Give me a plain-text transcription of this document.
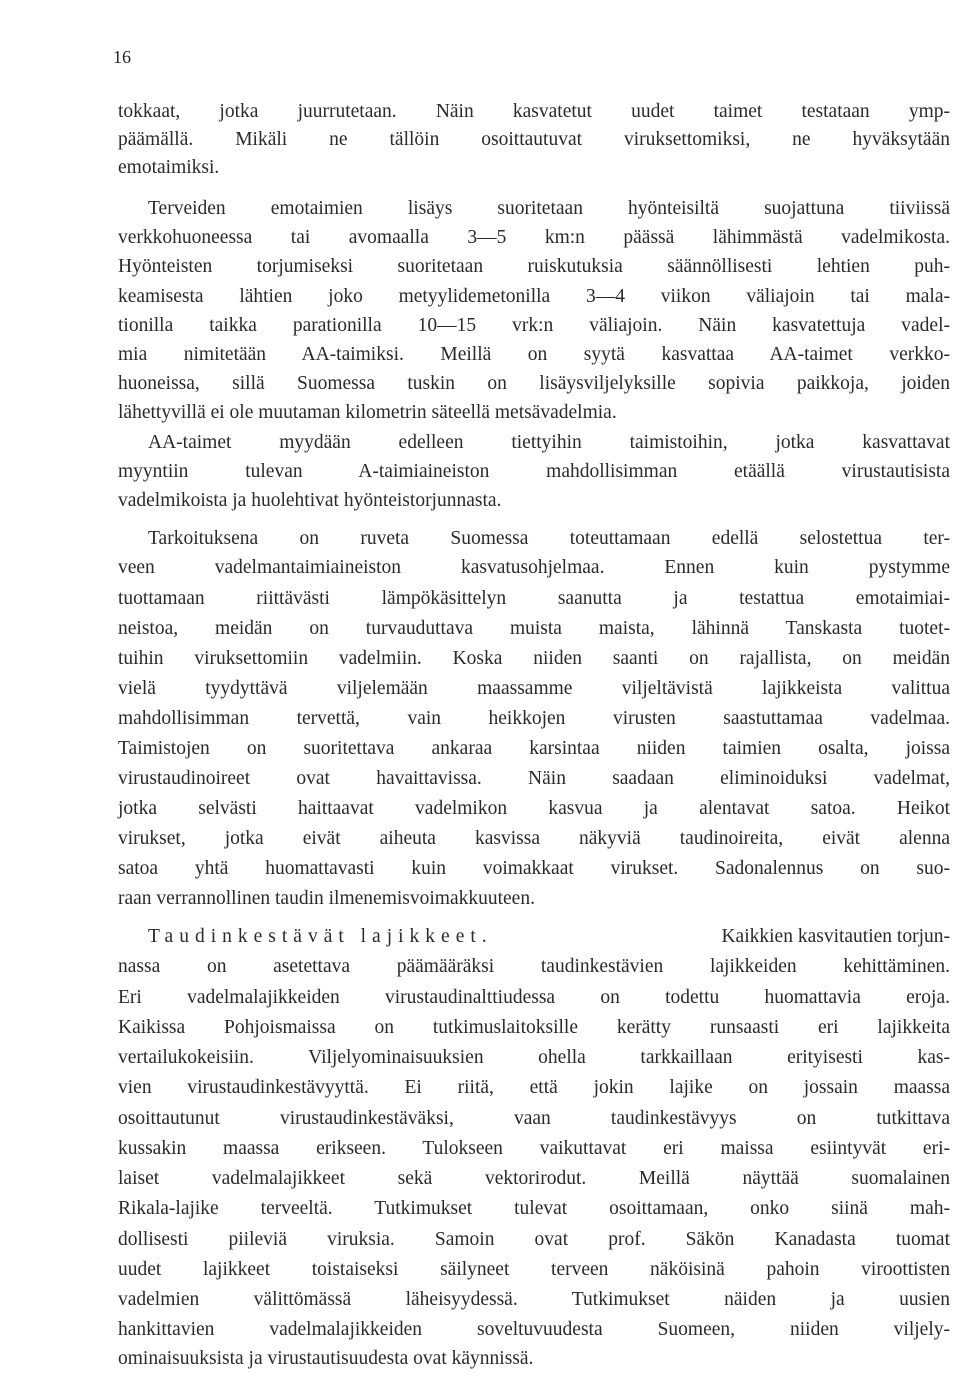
16
tokkaat, jotka juurrutetaan. Näin kasvatetut uudet taimet testataan ymp-
päämällä. Mikäli ne tällöin osoittautuvat viruksettomiksi, ne hyväksytään
emotaimiksi.
Terveiden emotaimien lisäys suoritetaan hyönteisiltä suojattuna tiiviissä
verkkohuoneessa tai avomaalla 3—5 km:n päässä lähimmästä vadelmikosta.
Hyönteisten torjumiseksi suoritetaan ruiskutuksia säännöllisesti lehtien puh-
keamisesta lähtien joko metyylidemetonilla 3—4 viikon väliajoin tai mala-
tionilla taikka parationilla 10—15 vrk:n väliajoin. Näin kasvatettuja vadel-
mia nimitetään AA-taimiksi. Meillä on syytä kasvattaa AA-taimet verkko-
huoneissa, sillä Suomessa tuskin on lisäysviljelyksille sopivia paikkoja, joiden
lähettyvillä ei ole muutaman kilometrin säteellä metsävadelmia.
AA-taimet myydään edelleen tiettyihin taimistoihin, jotka kasvattavat
myyntiin tulevan A-taimiaineiston mahdollisimman etäällä virustautisista
vadelmikoista ja huolehtivat hyönteistorjunnasta.
Tarkoituksena on ruveta Suomessa toteuttamaan edellä selostettua ter-
veen vadelmantaimiaineiston kasvatusohjelmaa. Ennen kuin pystymme
tuottamaan riittävästi lämpökäsittelyn saanutta ja testattua emotaimiai-
neistoa, meidän on turvauduttava muista maista, lähinnä Tanskasta tuotet-
tuihin viruksettomiin vadelmiin. Koska niiden saanti on rajallista, on meidän
vielä tyydyttävä viljelemään maassamme viljeltävistä lajikkeista valittua
mahdollisimman tervettä, vain heikkojen virusten saastuttamaa vadelmaa.
Taimistojen on suoritettava ankaraa karsintaa niiden taimien osalta, joissa
virustaudinoireet ovat havaittavissa. Näin saadaan eliminoiduksi vadelmat,
jotka selvästi haittaavat vadelmikon kasvua ja alentavat satoa. Heikot
virukset, jotka eivät aiheuta kasvissa näkyviä taudinoireita, eivät alenna
satoa yhtä huomattavasti kuin voimakkaat virukset. Sadonalennus on suo-
raan verrannollinen taudin ilmenemisvoimakkuuteen.
Taudinkestävät lajikkeet.	Kaikkien kasvitautien torjun-
nassa on asetettava päämääräksi taudinkestävien lajikkeiden kehittäminen.
Eri vadelmalajikkeiden virustaudinalttiudessa on todettu huomattavia eroja.
Kaikissa Pohjoismaissa on tutkimuslaitoksille kerätty runsaasti eri lajikkeita
vertailukokeisiin. Viljelyominaisuuksien ohella tarkkaillaan erityisesti kas-
vien virustaudinkestävyyttä. Ei riitä, että jokin lajike on jossain maassa
osoittautunut virustaudinkestäväksi, vaan taudinkestävyys on tutkittava
kussakin maassa erikseen. Tulokseen vaikuttavat eri maissa esiintyvät eri-
laiset vadelmalajikkeet sekä vektorirodut. Meillä näyttää suomalainen
Rikala-lajike terveeltä. Tutkimukset tulevat osoittamaan, onko siinä mah-
dollisesti piileviä viruksia. Samoin ovat prof. Säkön Kanadasta tuomat
uudet lajikkeet toistaiseksi säilyneet terveen näköisinä pahoin viroottisten
vadelmien välittömässä läheisyydessä. Tutkimukset näiden ja uusien
hankittavien vadelmalajikkeiden soveltuvuudesta Suomeen, niiden viljely-
ominaisuuksista ja virustautisuudesta ovat käynnissä.
